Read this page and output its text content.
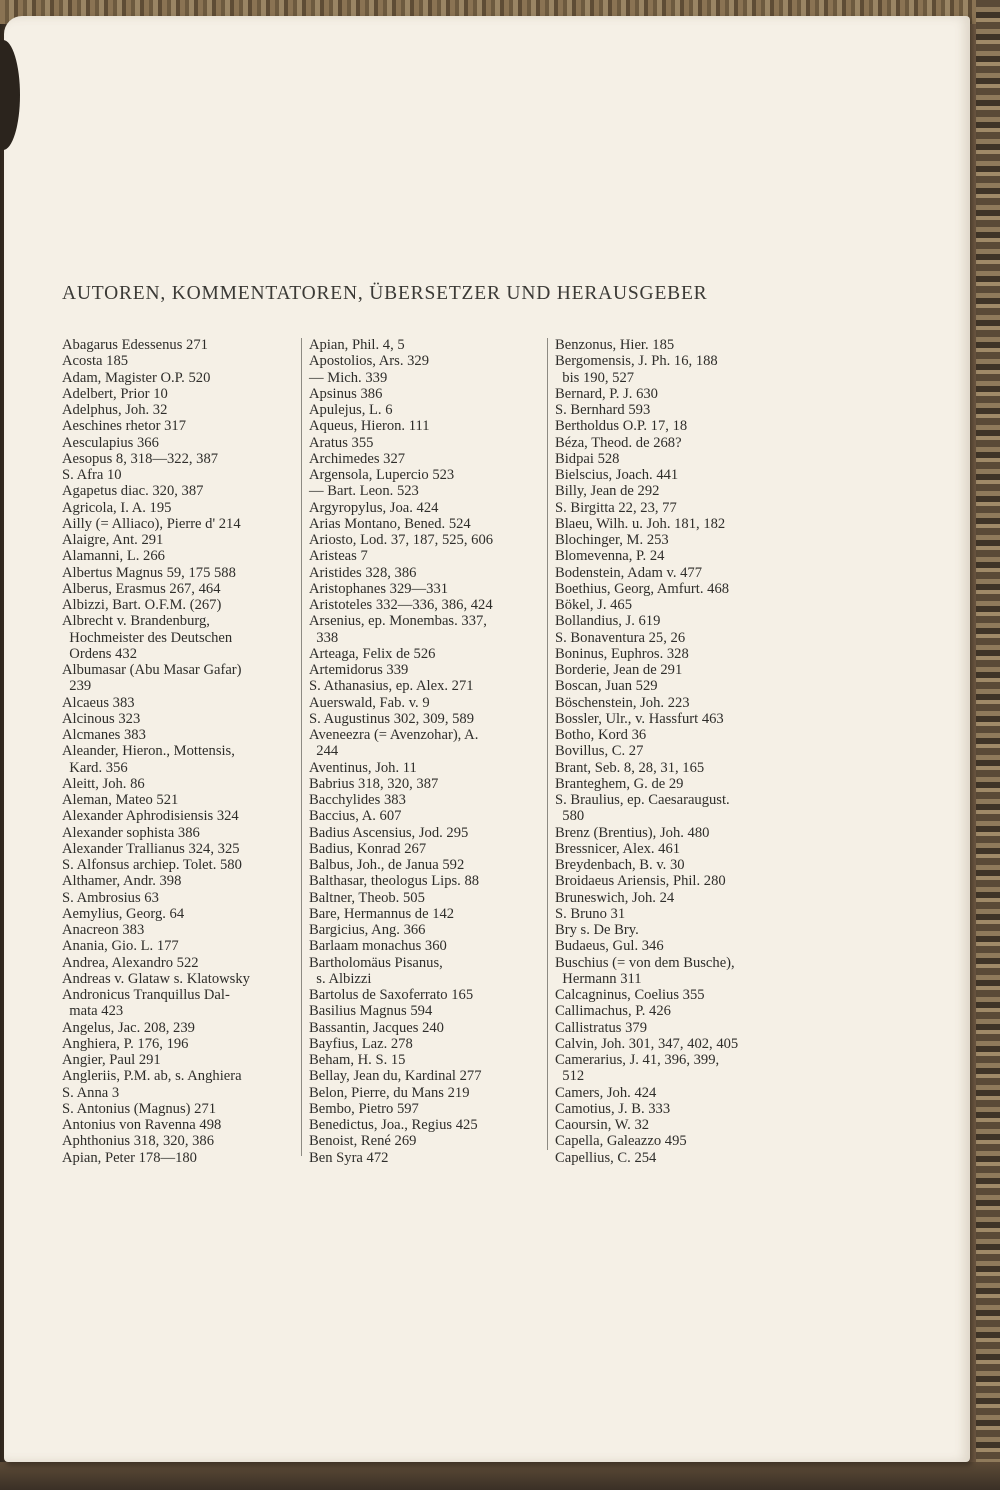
AUTOREN, KOMMENTATOREN, ÜBERSETZER UND HERAUSGEBER
Abagarus Edessenus 271
Acosta 185
Adam, Magister O.P. 520
Adelbert, Prior 10
Adelphus, Joh. 32
Aeschines rhetor 317
Aesculapius 366
Aesopus 8, 318—322, 387
S. Afra 10
Agapetus diac. 320, 387
Agricola, I. A. 195
Ailly (= Alliaco), Pierre d' 214
Alaigre, Ant. 291
Alamanni, L. 266
Albertus Magnus 59, 175 588
Alberus, Erasmus 267, 464
Albizzi, Bart. O.F.M. (267)
Albrecht v. Brandenburg,
Hochmeister des Deutschen
Ordens 432
Albumasar (Abu Masar Gafar)
239
Alcaeus 383
Alcinous 323
Alcmanes 383
Aleander, Hieron., Mottensis,
Kard. 356
Aleitt, Joh. 86
Aleman, Mateo 521
Alexander Aphrodisiensis 324
Alexander sophista 386
Alexander Trallianus 324, 325
S. Alfonsus archiep. Tolet. 580
Althamer, Andr. 398
S. Ambrosius 63
Aemylius, Georg. 64
Anacreon 383
Anania, Gio. L. 177
Andrea, Alexandro 522
Andreas v. Glataw s. Klatowsky
Andronicus Tranquillus Dal-
mata 423
Angelus, Jac. 208, 239
Anghiera, P. 176, 196
Angier, Paul 291
Angleriis, P.M. ab, s. Anghiera
S. Anna 3
S. Antonius (Magnus) 271
Antonius von Ravenna 498
Aphthonius 318, 320, 386
Apian, Peter 178—180
Apian, Phil. 4, 5
Apostolios, Ars. 329
— Mich. 339
Apsinus 386
Apulejus, L. 6
Aqueus, Hieron. 111
Aratus 355
Archimedes 327
Argensola, Lupercio 523
— Bart. Leon. 523
Argyropylus, Joa. 424
Arias Montano, Bened. 524
Ariosto, Lod. 37, 187, 525, 606
Aristeas 7
Aristides 328, 386
Aristophanes 329—331
Aristoteles 332—336, 386, 424
Arsenius, ep. Monembas. 337,
338
Arteaga, Felix de 526
Artemidorus 339
S. Athanasius, ep. Alex. 271
Auerswald, Fab. v. 9
S. Augustinus 302, 309, 589
Aveneezra (= Avenzohar), A.
244
Aventinus, Joh. 11
Babrius 318, 320, 387
Bacchylides 383
Baccius, A. 607
Badius Ascensius, Jod. 295
Badius, Konrad 267
Balbus, Joh., de Janua 592
Balthasar, theologus Lips. 88
Baltner, Theob. 505
Bare, Hermannus de 142
Bargicius, Ang. 366
Barlaam monachus 360
Bartholomäus Pisanus,
s. Albizzi
Bartolus de Saxoferrato 165
Basilius Magnus 594
Bassantin, Jacques 240
Bayfius, Laz. 278
Beham, H. S. 15
Bellay, Jean du, Kardinal 277
Belon, Pierre, du Mans 219
Bembo, Pietro 597
Benedictus, Joa., Regius 425
Benoist, René 269
Ben Syra 472
Benzonus, Hier. 185
Bergomensis, J. Ph. 16, 188
bis 190, 527
Bernard, P. J. 630
S. Bernhard 593
Bertholdus O.P. 17, 18
Béza, Theod. de 268?
Bidpai 528
Bielscius, Joach. 441
Billy, Jean de 292
S. Birgitta 22, 23, 77
Blaeu, Wilh. u. Joh. 181, 182
Blochinger, M. 253
Blomevenna, P. 24
Bodenstein, Adam v. 477
Boethius, Georg, Amfurt. 468
Bökel, J. 465
Bollandius, J. 619
S. Bonaventura 25, 26
Boninus, Euphros. 328
Borderie, Jean de 291
Boscan, Juan 529
Böschenstein, Joh. 223
Bossler, Ulr., v. Hassfurt 463
Botho, Kord 36
Bovillus, C. 27
Brant, Seb. 8, 28, 31, 165
Branteghem, G. de 29
S. Braulius, ep. Caesaraugust.
580
Brenz (Brentius), Joh. 480
Bressnicer, Alex. 461
Breydenbach, B. v. 30
Broidaeus Ariensis, Phil. 280
Bruneswich, Joh. 24
S. Bruno 31
Bry s. De Bry.
Budaeus, Gul. 346
Buschius (= von dem Busche),
Hermann 311
Calcagninus, Coelius 355
Callimachus, P. 426
Callistratus 379
Calvin, Joh. 301, 347, 402, 405
Camerarius, J. 41, 396, 399,
512
Camers, Joh. 424
Camotius, J. B. 333
Caoursin, W. 32
Capella, Galeazzo 495
Capellius, C. 254
